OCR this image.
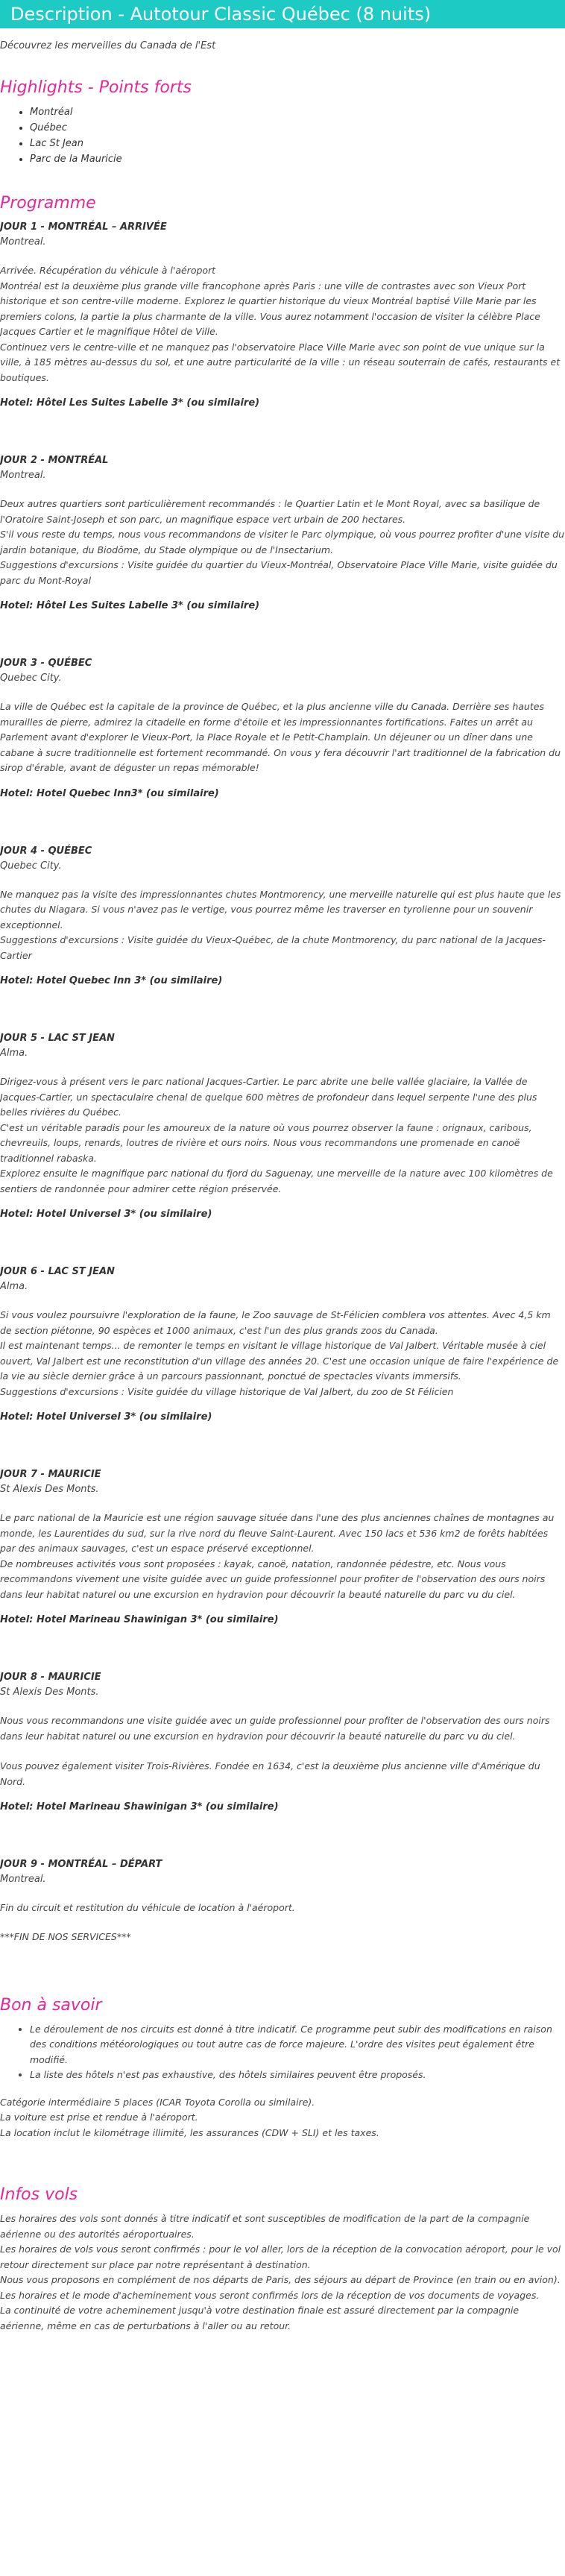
Description - Autotour Classic Québec (8 nuits)
Découvrez les merveilles du Canada de l'Est
Highlights - Points forts
• Montréal
• Québec
• Lac St Jean
• Parc de la Mauricie
Programme
JOUR 1 - MONTRÉAL – ARRIVÉE
Montreal.

Arrivée. Récupération du véhicule à l'aéroport

Montréal est la deuxième plus grande ville francophone après Paris : une ville de contrastes avec son Vieux Port historique et son centre-ville moderne. Explorez le quartier historique du vieux Montréal baptisé Ville Marie par les premiers colons, la partie la plus charmante de la ville. Vous aurez notamment l'occasion de visiter la célèbre Place Jacques Cartier et le magnifique Hôtel de Ville.

Continuez vers le centre-ville et ne manquez pas l'observatoire Place Ville Marie avec son point de vue unique sur la ville, à 185 mètres au-dessus du sol, et une autre particularité de la ville : un réseau souterrain de cafés, restaurants et boutiques.

Hotel: Hôtel Les Suites Labelle 3* (ou similaire)
JOUR 2 - MONTRÉAL
Montreal.

Deux autres quartiers sont particulièrement recommandés : le Quartier Latin et le Mont Royal, avec sa basilique de l'Oratoire Saint-Joseph et son parc, un magnifique espace vert urbain de 200 hectares.

S'il vous reste du temps, nous vous recommandons de visiter le Parc olympique, où vous pourrez profiter d'une visite du jardin botanique, du Biodôme, du Stade olympique ou de l'Insectarium.

Suggestions d'excursions : Visite guidée du quartier du Vieux-Montréal, Observatoire Place Ville Marie, visite guidée du parc du Mont-Royal

Hotel: Hôtel Les Suites Labelle 3* (ou similaire)
JOUR 3 - QUÉBEC
Quebec City.

La ville de Québec est la capitale de la province de Québec, et la plus ancienne ville du Canada. Derrière ses hautes murailles de pierre, admirez la citadelle en forme d'étoile et les impressionnantes fortifications. Faites un arrêt au Parlement avant d'explorer le Vieux-Port, la Place Royale et le Petit-Champlain. Un déjeuner ou un dîner dans une cabane à sucre traditionnelle est fortement recommandé. On vous y fera découvrir l'art traditionnel de la fabrication du sirop d'érable, avant de déguster un repas mémorable!

Hotel: Hotel Quebec Inn3* (ou similaire)
JOUR 4 - QUÉBEC
Quebec City.

Ne manquez pas la visite des impressionnantes chutes Montmorency, une merveille naturelle qui est plus haute que les chutes du Niagara. Si vous n'avez pas le vertige, vous pourrez même les traverser en tyrolienne pour un souvenir exceptionnel.

Suggestions d'excursions : Visite guidée du Vieux-Québec, de la chute Montmorency, du parc national de la Jacques-Cartier

Hotel: Hotel Quebec Inn 3* (ou similaire)
JOUR 5 - LAC ST JEAN
Alma.

Dirigez-vous à présent vers le parc national Jacques-Cartier. Le parc abrite une belle vallée glaciaire, la Vallée de Jacques-Cartier, un spectaculaire chenal de quelque 600 mètres de profondeur dans lequel serpente l'une des plus belles rivières du Québec.

C'est un véritable paradis pour les amoureux de la nature où vous pourrez observer la faune : orignaux, caribous, chevreuils, loups, renards, loutres de rivière et ours noirs. Nous vous recommandons une promenade en canoë traditionnel rabaska.

Explorez ensuite le magnifique parc national du fjord du Saguenay, une merveille de la nature avec 100 kilomètres de sentiers de randonnée pour admirer cette région préservée.

Hotel: Hotel Universel 3* (ou similaire)
JOUR 6 - LAC ST JEAN
Alma.

Si vous voulez poursuivre l'exploration de la faune, le Zoo sauvage de St-Félicien comblera vos attentes. Avec 4,5 km de section piétonne, 90 espèces et 1000 animaux, c'est l'un des plus grands zoos du Canada.

Il est maintenant temps... de remonter le temps en visitant le village historique de Val Jalbert. Véritable musée à ciel ouvert, Val Jalbert est une reconstitution d'un village des années 20. C'est une occasion unique de faire l'expérience de la vie au siècle dernier grâce à un parcours passionnant, ponctué de spectacles vivants immersifs.

Suggestions d'excursions : Visite guidée du village historique de Val Jalbert, du zoo de St Félicien

Hotel: Hotel Universel 3* (ou similaire)
JOUR 7 - MAURICIE
St Alexis Des Monts.

Le parc national de la Mauricie est une région sauvage située dans l'une des plus anciennes chaînes de montagnes au monde, les Laurentides du sud, sur la rive nord du fleuve Saint-Laurent. Avec 150 lacs et 536 km2 de forêts habitées par des animaux sauvages, c'est un espace préservé exceptionnel.

De nombreuses activités vous sont proposées : kayak, canoë, natation, randonnée pédestre, etc. Nous vous recommandons vivement une visite guidée avec un guide professionnel pour profiter de l'observation des ours noirs dans leur habitat naturel ou une excursion en hydravion pour découvrir la beauté naturelle du parc vu du ciel.

Hotel: Hotel Marineau Shawinigan 3* (ou similaire)
JOUR 8 - MAURICIE
St Alexis Des Monts.

Nous vous recommandons une visite guidée avec un guide professionnel pour profiter de l'observation des ours noirs dans leur habitat naturel ou une excursion en hydravion pour découvrir la beauté naturelle du parc vu du ciel.

Vous pouvez également visiter Trois-Rivières. Fondée en 1634, c'est la deuxième plus ancienne ville d'Amérique du Nord.

Hotel: Hotel Marineau Shawinigan 3* (ou similaire)
JOUR 9 - MONTRÉAL – DÉPART
Montreal.

Fin du circuit et restitution du véhicule de location à l'aéroport.

***FIN DE NOS SERVICES***
Bon à savoir
• Le déroulement de nos circuits est donné à titre indicatif. Ce programme peut subir des modifications en raison des conditions météorologiques ou tout autre cas de force majeure. L'ordre des visites peut également être modifié.
• La liste des hôtels n'est pas exhaustive, des hôtels similaires peuvent être proposés.

Catégorie intermédiaire 5 places (ICAR Toyota Corolla ou similaire).

La voiture est prise et rendue à l'aéroport.

La location inclut le kilométrage illimité, les assurances (CDW + SLI) et les taxes.

Infos vols

Les horaires des vols sont donnés à titre indicatif et sont susceptibles de modification de la part de la compagnie aérienne ou des autorités aéroportuaires.

Les horaires de vols vous seront confirmés : pour le vol aller, lors de la réception de la convocation aéroport, pour le vol retour directement sur place par notre représentant à destination.

Nous vous proposons en complément de nos départs de Paris, des séjours au départ de Province (en train ou en avion).

Les horaires et le mode d'acheminement vous seront confirmés lors de la réception de vos documents de voyages.

La continuité de votre acheminement jusqu'à votre destination finale est assuré directement par la compagnie aérienne, même en cas de perturbations à l'aller ou au retour.
